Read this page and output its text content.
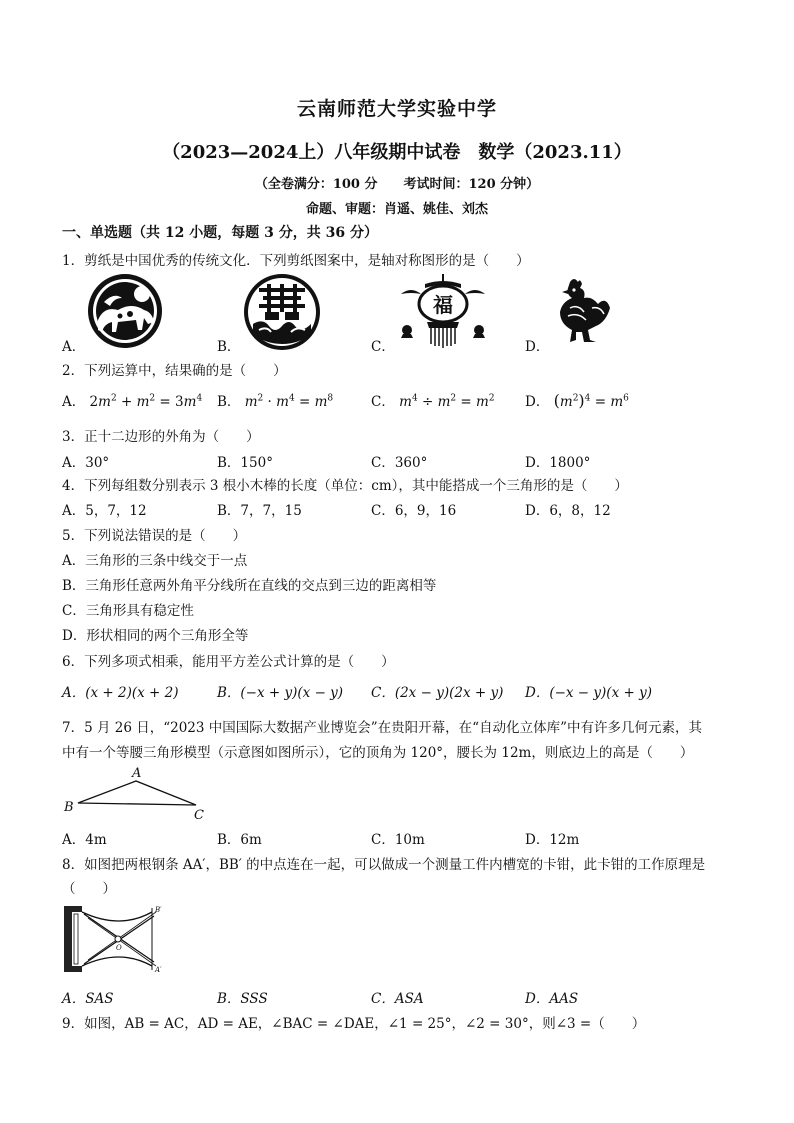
云南师范大学实验中学
（2023—2024上）八年级期中试卷　数学（2023.11）
（全卷满分：100 分　　考试时间：120 分钟）
命题、审题：肖遥、姚佳、刘杰
一、单选题（共 12 小题，每题 3 分，共 36 分）
1．剪纸是中国优秀的传统文化．下列剪纸图案中，是轴对称图形的是（　　）
福
A．	B．	C．	D．
2．下列运算中，结果确的是（　　）
A． $2m^2 + m^2 = 3m^4$ B． $m^2 \cdot m^4 = m^8$	C． $m^4 \div m^2 = m^2$ D． $(m^2)^4 = m^6$
3．正十二边形的外角为（　　）
A．30°	B．150°	C．360°	D．1800°
4．下列每组数分别表示 3 根小木棒的长度（单位：cm），其中能搭成一个三角形的是（　　）
A．5，7，12	B．7，7，15	C．6，9，16	D．6，8，12
5．下列说法错误的是（　　）
A．三角形的三条中线交于一点
B．三角形任意两外角平分线所在直线的交点到三边的距离相等
C．三角形具有稳定性
D．形状相同的两个三角形全等
6．下列多项式相乘，能用平方差公式计算的是（　　）
A．(x + 2)(x + 2)	B．(−x + y)(x − y) C．(2x − y)(2x + y) D．(−x − y)(x + y)
7．5 月 26 日，“2023 中国国际大数据产业博览会”在贵阳开幕，在“自动化立体库”中有许多几何元素，其
中有一个等腰三角形模型（示意图如图所示），它的顶角为 120°，腰长为 12m，则底边上的高是（　　）
A
B
C
A．4m	B．6m	C．10m	D．12m
8．如图把两根钢条 AA′，BB′ 的中点连在一起，可以做成一个测量工件内槽宽的卡钳，此卡钳的工作原理是
（　　）
B′
A′
O
A．SAS	B．SSS	C．ASA	D．AAS
9．如图，AB = AC，AD = AE，∠BAC = ∠DAE，∠1 = 25°，∠2 = 30°，则∠3 =（　　）
